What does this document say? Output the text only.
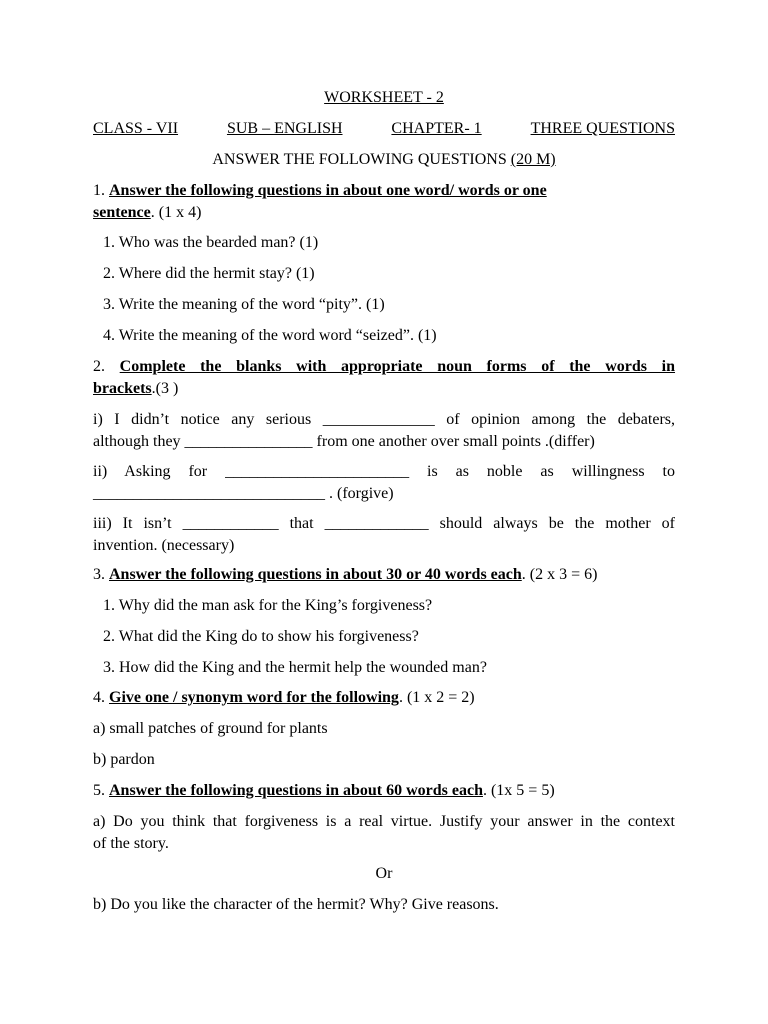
WORKSHEET - 2
CLASS - VII	SUB – ENGLISH	CHAPTER- 1	THREE QUESTIONS
ANSWER THE FOLLOWING QUESTIONS (20 M)
1. Answer the following questions in about one word/ words or one
sentence. (1 x 4)
1. Who was the bearded man? (1)
2. Where did the hermit stay? (1)
3. Write the meaning of the word “pity”. (1)
4. Write the meaning of the word word “seized”. (1)
2. Complete the blanks with appropriate noun forms of the words in
brackets.(3 )
i) I didn’t notice any serious ______________ of opinion among the debaters,
although they ________________ from one another over small points .(differ)
ii) Asking for _______________________ is as noble as willingness to
_____________________________ . (forgive)
iii) It isn’t ____________ that _____________ should always be the mother of
invention. (necessary)
3. Answer the following questions in about 30 or 40 words each. (2 x 3 = 6)
1. Why did the man ask for the King’s forgiveness?
2. What did the King do to show his forgiveness?
3. How did the King and the hermit help the wounded man?
4. Give one / synonym word for the following. (1 x 2 = 2)
a) small patches of ground for plants
b) pardon
5. Answer the following questions in about 60 words each. (1x 5 = 5)
a) Do you think that forgiveness is a real virtue. Justify your answer in the context
of the story.
Or
b) Do you like the character of the hermit? Why? Give reasons.
